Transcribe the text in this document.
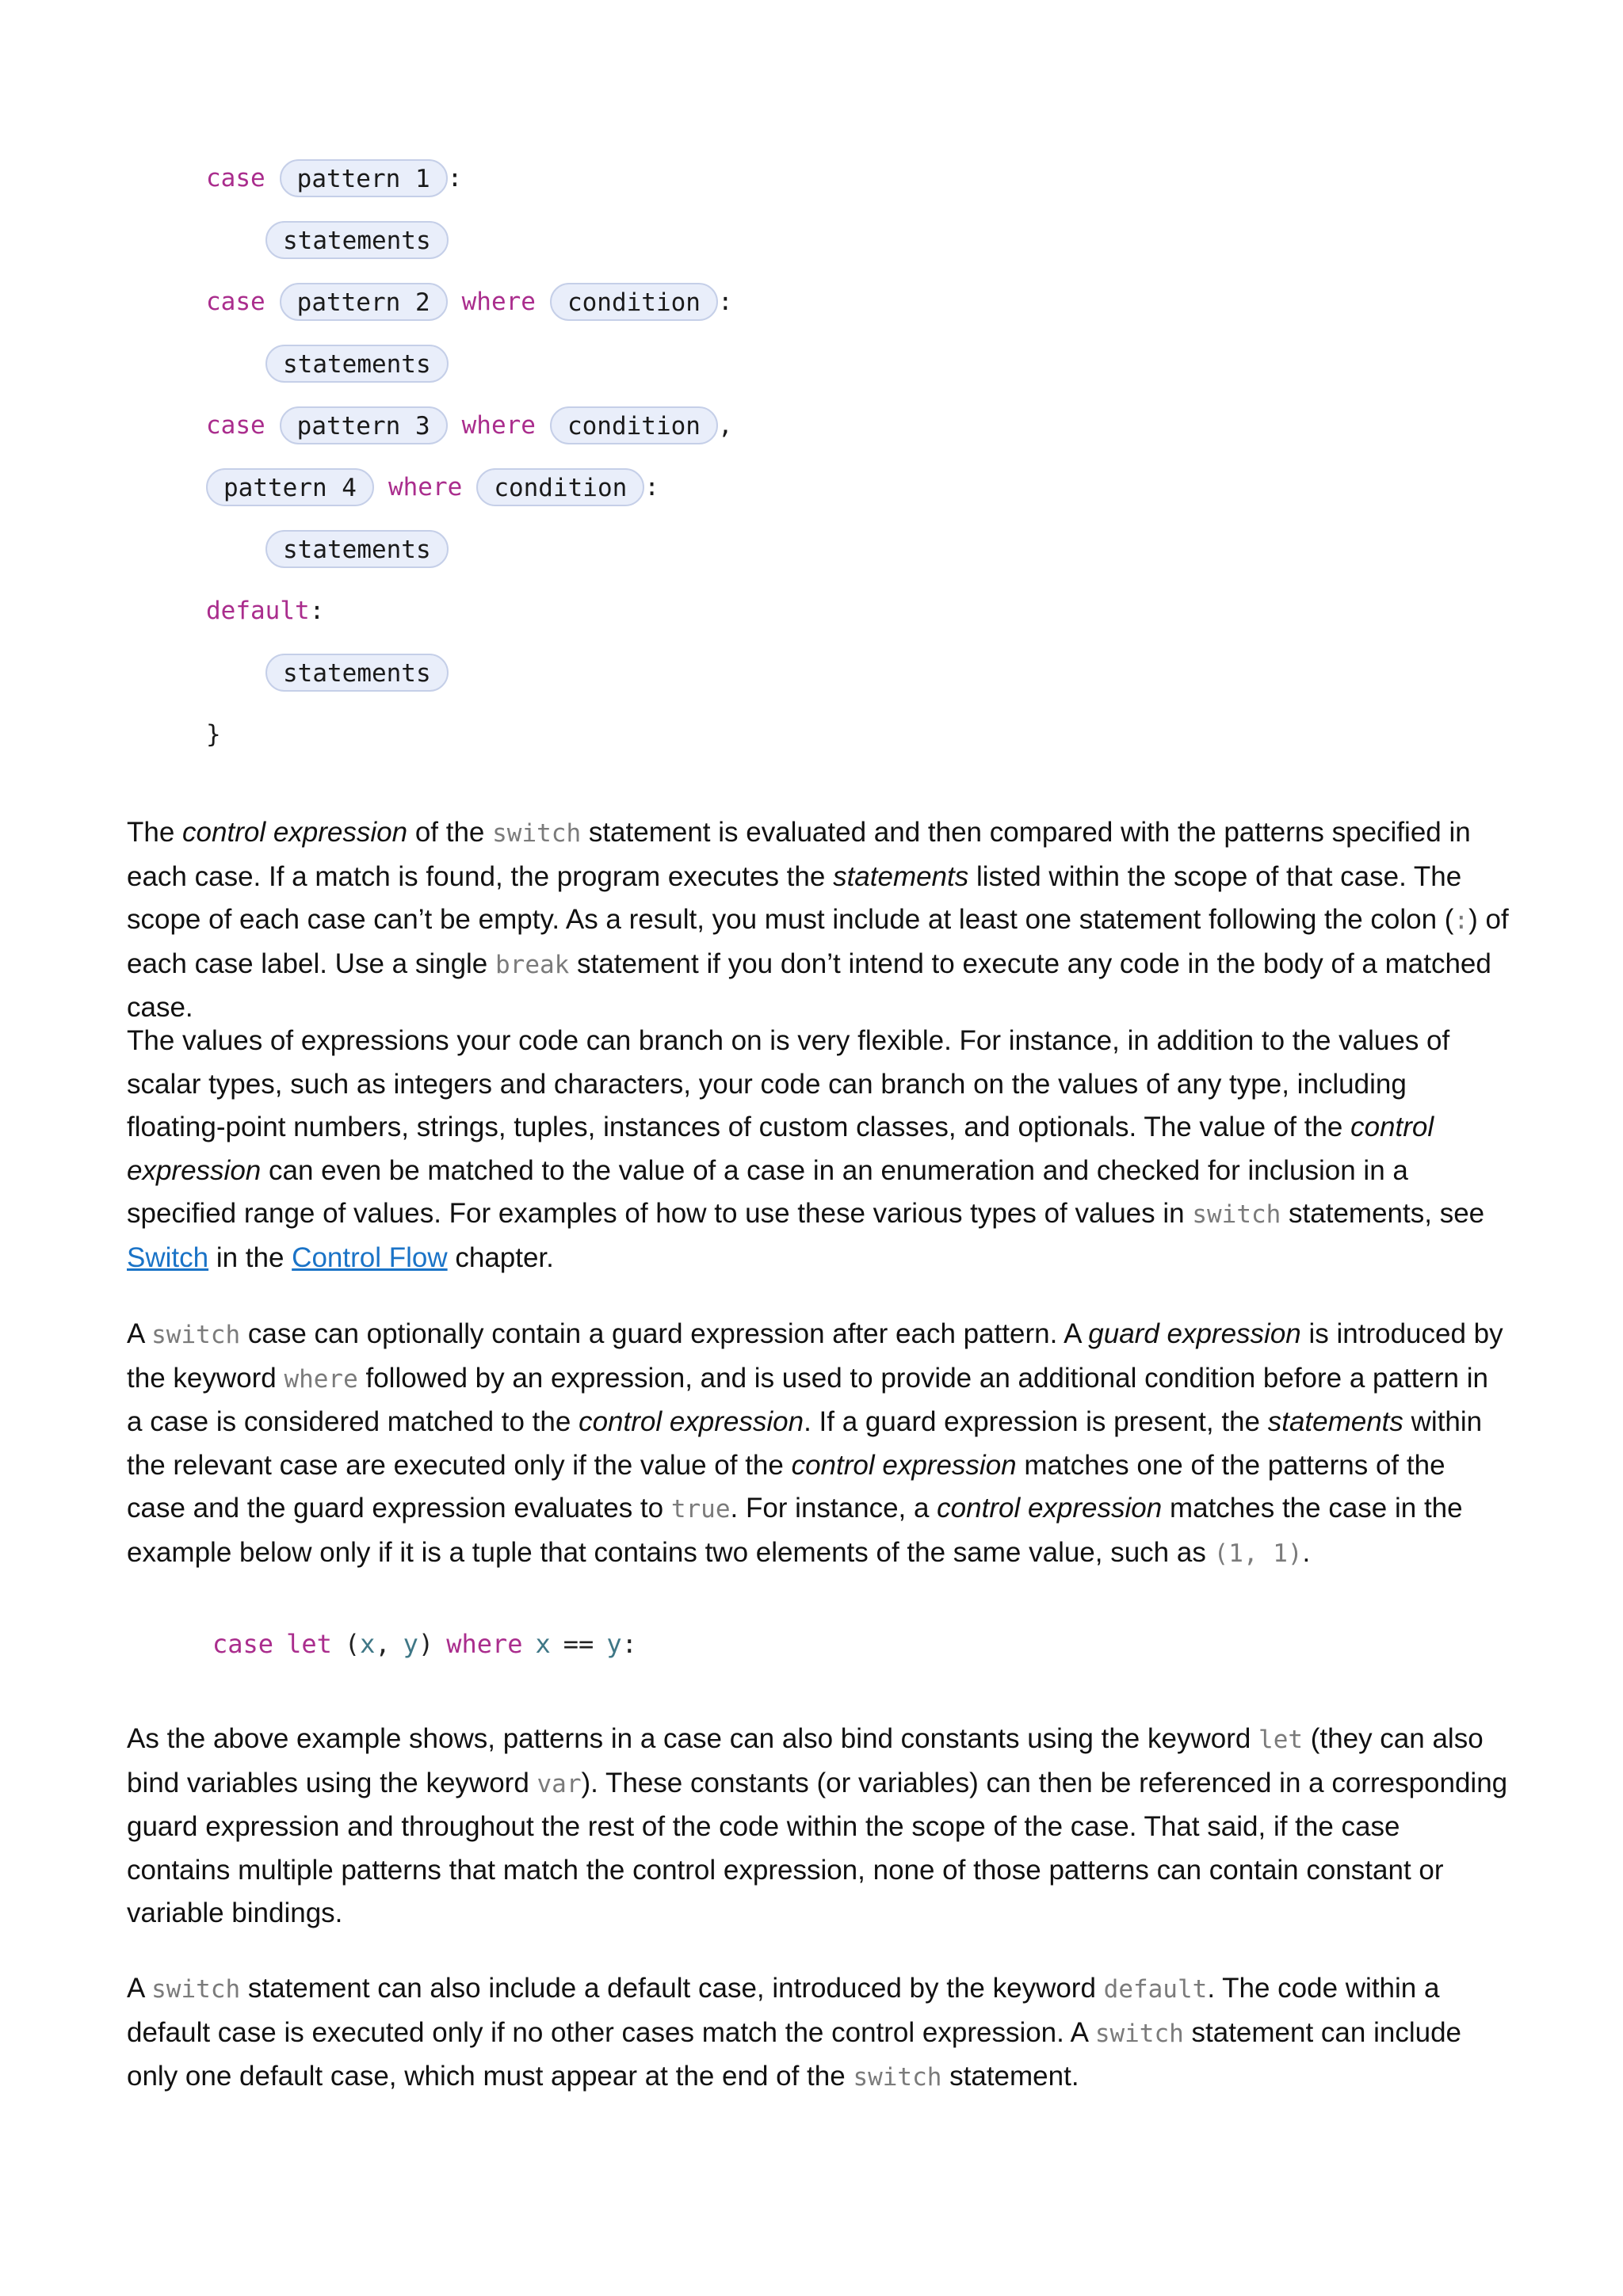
case	pattern 1 :
statements
case	pattern 2	where	condition :
statements
case	pattern 3	where	condition ,
pattern 4	where	condition :
statements
default :
statements
}

The control expression of the switch statement is evaluated and then compared with the patterns specified in each case. If a match is found, the program executes the statements listed within the scope of that case. The scope of each case can’t be empty. As a result, you must include at least one statement following the colon (:) of each case label. Use a single break statement if you don’t intend to execute any code in the body of a matched case.

The values of expressions your code can branch on is very flexible. For instance, in addition to the values of scalar types, such as integers and characters, your code can branch on the values of any type, including floating-point numbers, strings, tuples, instances of custom classes, and optionals. The value of the control expression can even be matched to the value of a case in an enumeration and checked for inclusion in a specified range of values. For examples of how to use these various types of values in switch statements, see Switch in the Control Flow chapter.

A switch case can optionally contain a guard expression after each pattern. A guard expression is introduced by the keyword where followed by an expression, and is used to provide an additional condition before a pattern in a case is considered matched to the control expression. If a guard expression is present, the statements within the relevant case are executed only if the value of the control expression matches one of the patterns of the case and the guard expression evaluates to true. For instance, a control expression matches the case in the example below only if it is a tuple that contains two elements of the same value, such as (1, 1).

case let ( x , y ) where x == y :

As the above example shows, patterns in a case can also bind constants using the keyword let (they can also bind variables using the keyword var). These constants (or variables) can then be referenced in a corresponding guard expression and throughout the rest of the code within the scope of the case. That said, if the case contains multiple patterns that match the control expression, none of those patterns can contain constant or variable bindings.

A switch statement can also include a default case, introduced by the keyword default. The code within a default case is executed only if no other cases match the control expression. A switch statement can include only one default case, which must appear at the end of the switch statement.
